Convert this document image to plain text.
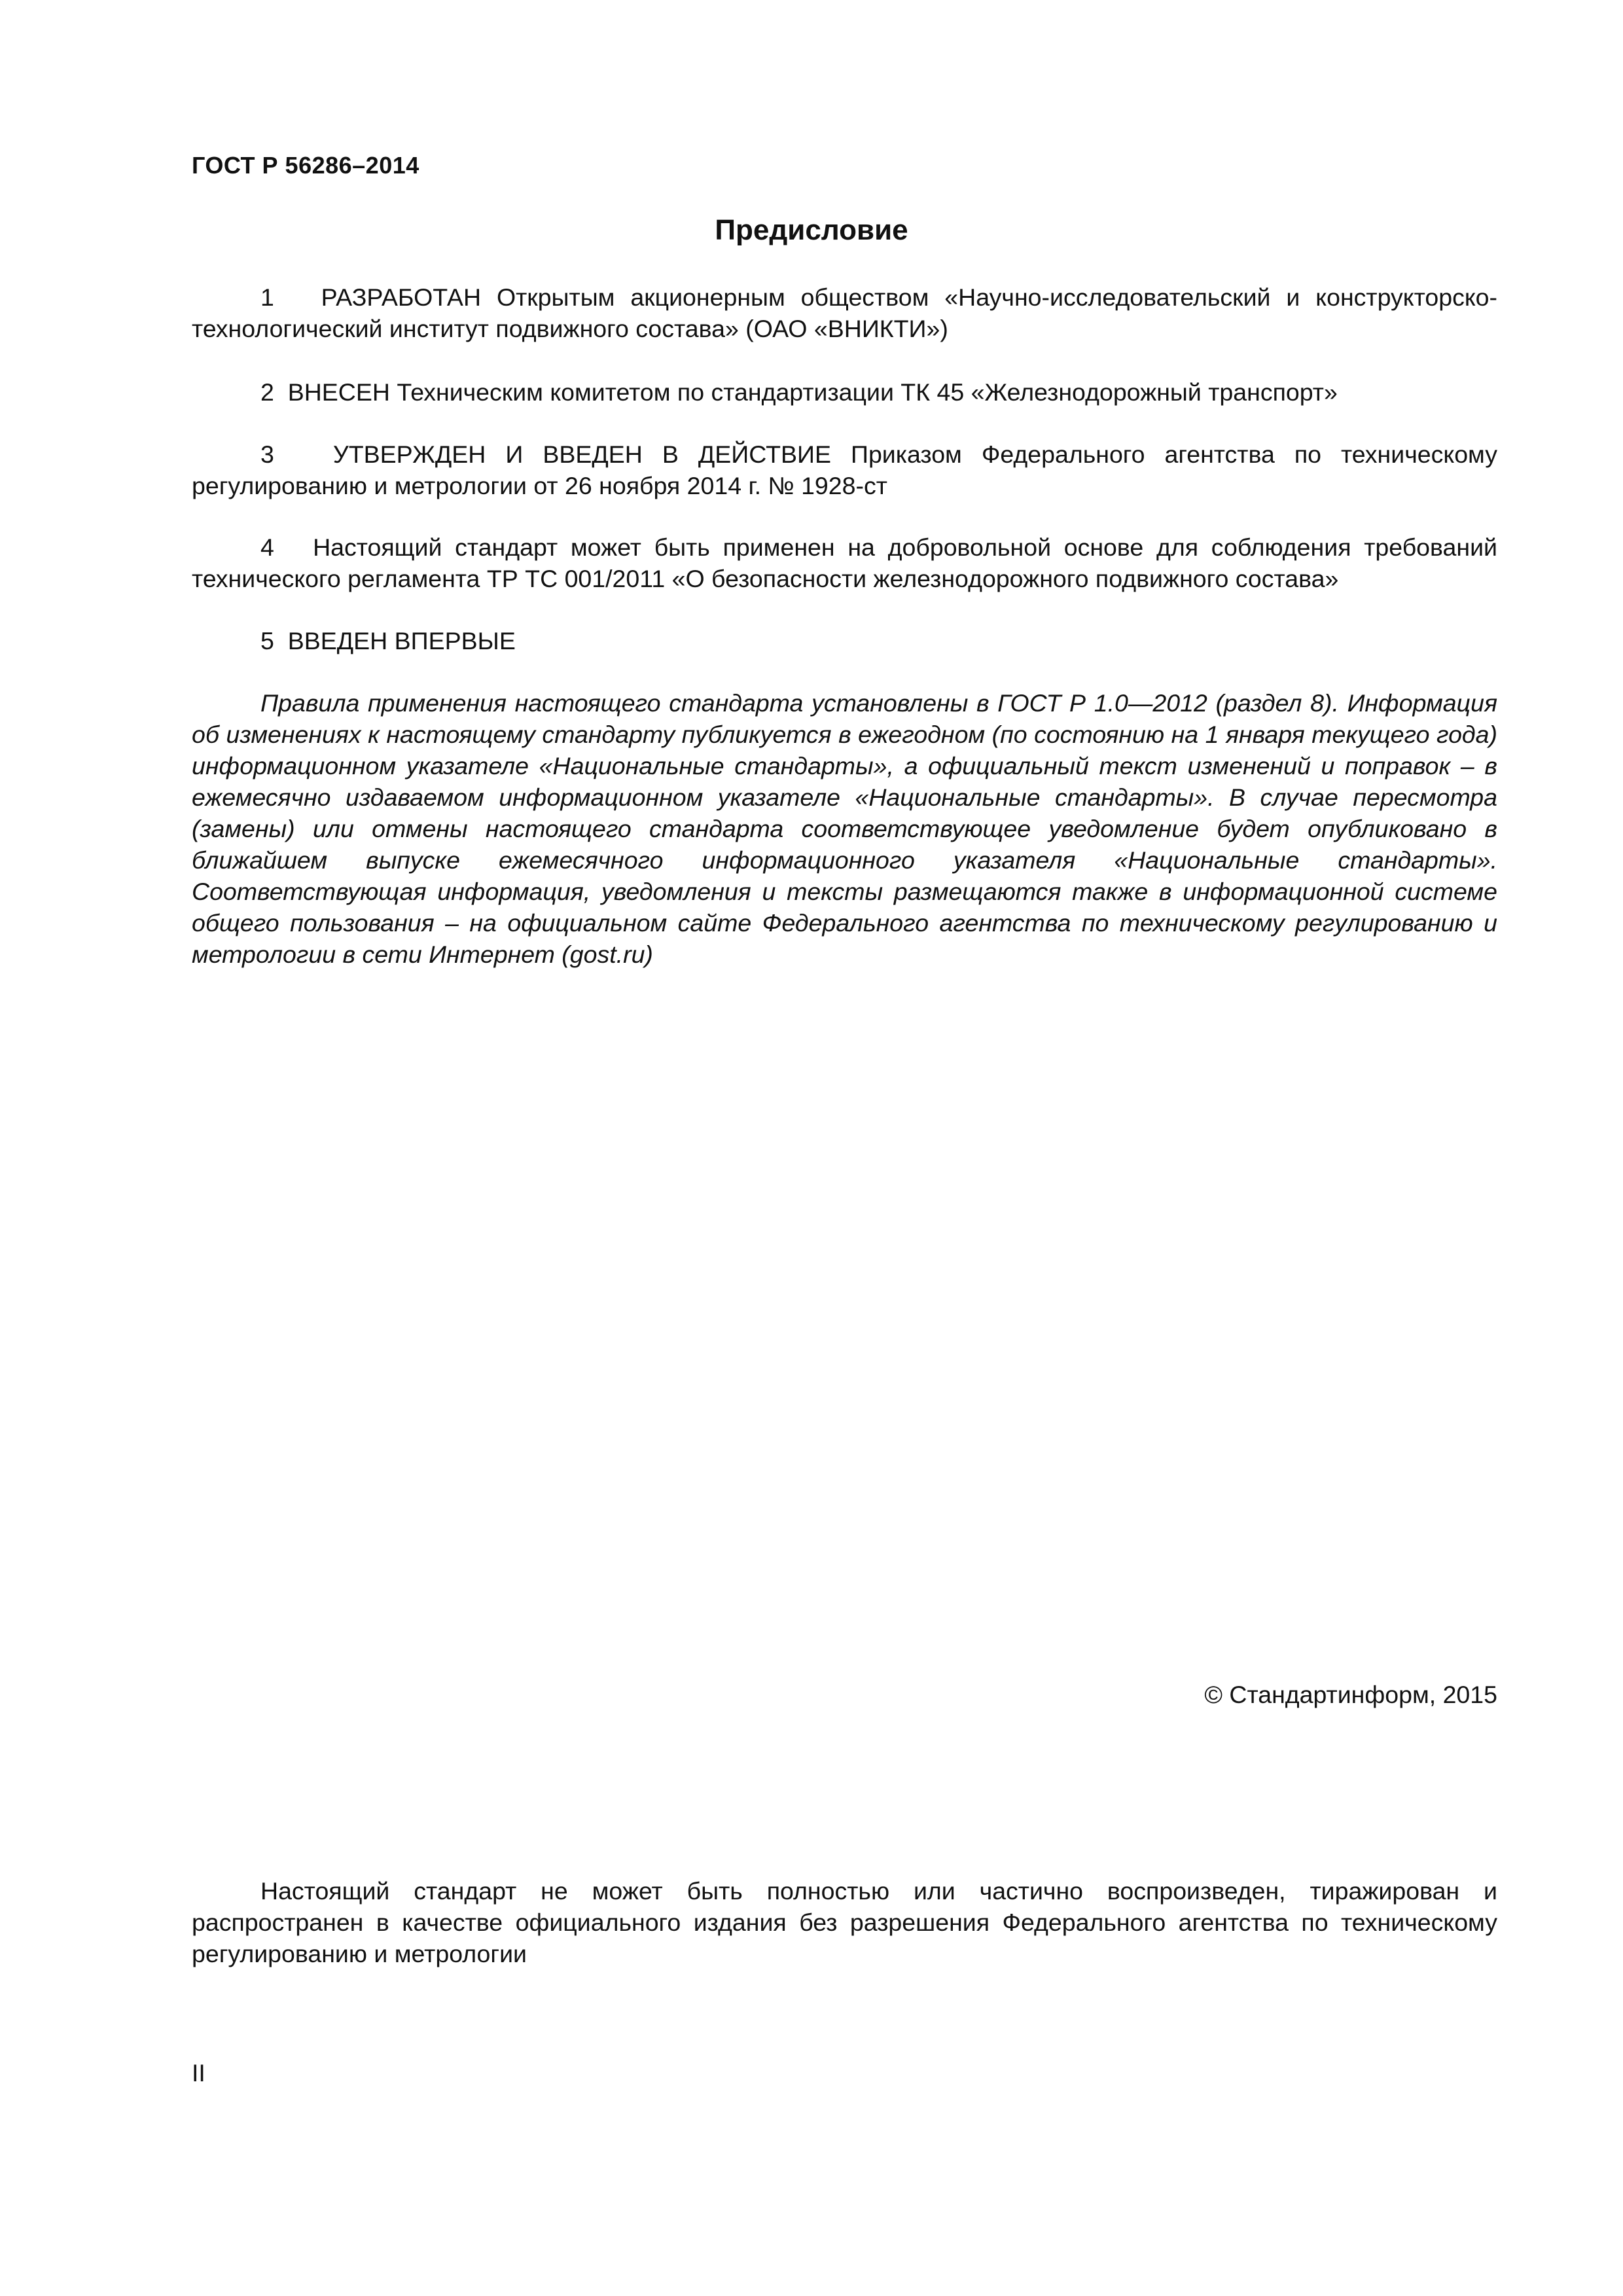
ГОСТ Р 56286–2014
Предисловие

1 РАЗРАБОТАН Открытым акционерным обществом «Научно-исследовательский и конструкторско-технологический институт подвижного состава» (ОАО «ВНИКТИ»)

2 ВНЕСЕН Техническим комитетом по стандартизации ТК 45 «Железнодорожный транспорт»

3 УТВЕРЖДЕН И ВВЕДЕН В ДЕЙСТВИЕ Приказом Федерального агентства по техническому регулированию и метрологии от 26 ноября 2014 г. № 1928-ст

4 Настоящий стандарт может быть применен на добровольной основе для соблюдения требований технического регламента ТР ТС 001/2011 «О безопасности железнодорожного подвижного состава»

5 ВВЕДЕН ВПЕРВЫЕ

Правила применения настоящего стандарта установлены в ГОСТ Р 1.0—2012 (раздел 8). Информация об изменениях к настоящему стандарту публикуется в ежегодном (по состоянию на 1 января текущего года) информационном указателе «Национальные стандарты», а официальный текст изменений и поправок – в ежемесячно издаваемом информационном указателе «Национальные стандарты». В случае пересмотра (замены) или отмены настоящего стандарта соответствующее уведомление будет опубликовано в ближайшем выпуске ежемесячного информационного указателя «Национальные стандарты». Соответствующая информация, уведомления и тексты размещаются также в информационной системе общего пользования – на официальном сайте Федерального агентства по техническому регулированию и метрологии в сети Интернет (gost.ru)

© Стандартинформ, 2015
Настоящий стандарт не может быть полностью или частично воспроизведен, тиражирован и распространен в качестве официального издания без разрешения Федерального агентства по техническому регулированию и метрологии
II
